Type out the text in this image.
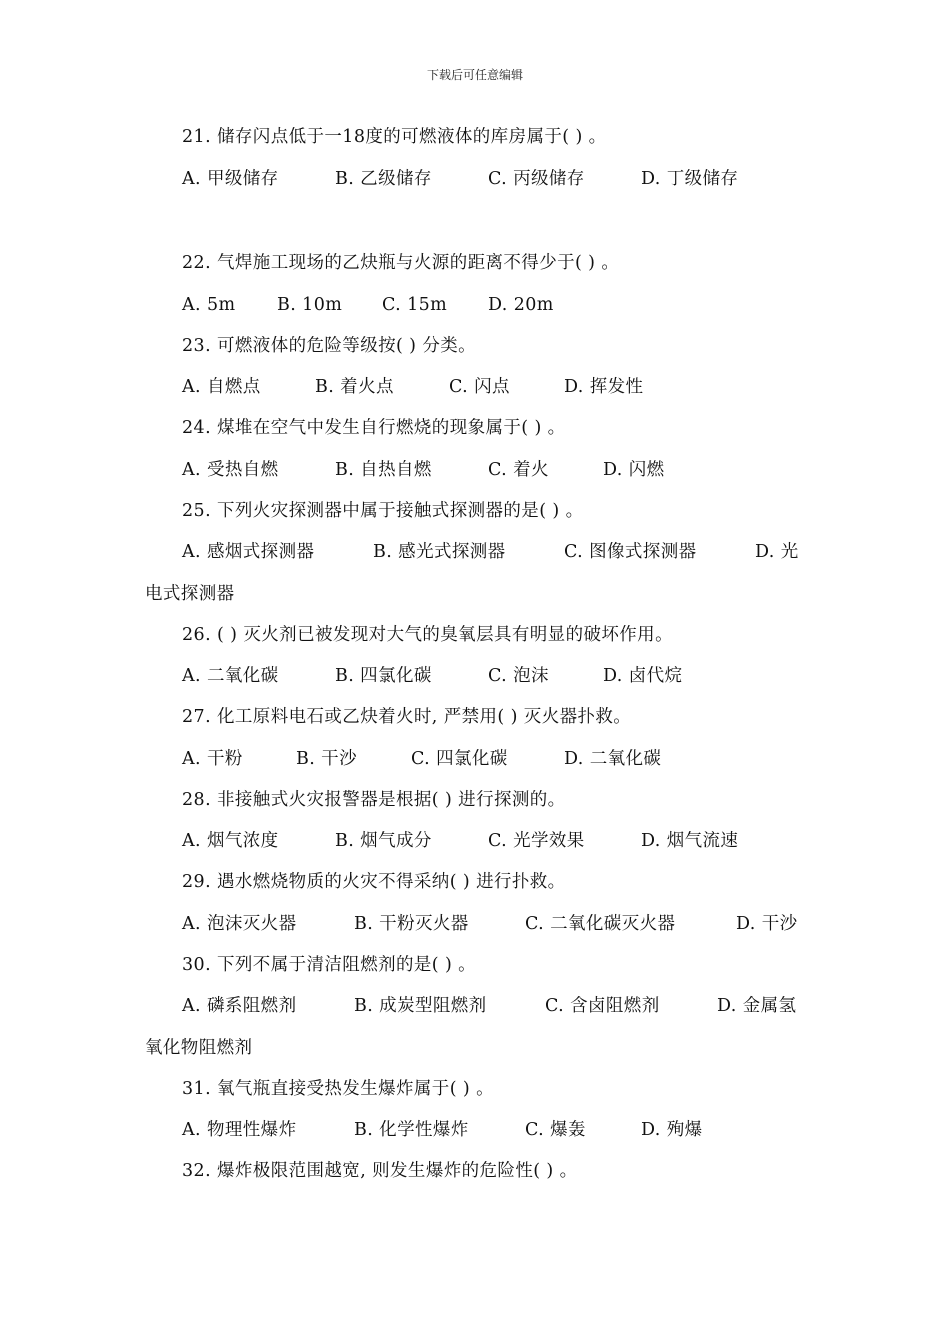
下载后可任意编辑
21. 储存闪点低于一18度的可燃液体的库房属于( ) 。
A. 甲级储存	B. 乙级储存	C. 丙级储存	D. 丁级储存
22. 气焊施工现场的乙炔瓶与火源的距离不得少于( ) 。
A. 5m B. 10m C. 15m D. 20m
23. 可燃液体的危险等级按( ) 分类。
A. 自燃点	B. 着火点	C. 闪点	D. 挥发性
24. 煤堆在空气中发生自行燃烧的现象属于( ) 。
A. 受热自燃	B. 自热自燃	C. 着火	D. 闪燃
25. 下列火灾探测器中属于接触式探测器的是( ) 。
A. 感烟式探测器	B. 感光式探测器	C. 图像式探测器	D. 光
电式探测器
26. ( ) 灭火剂已被发现对大气的臭氧层具有明显的破坏作用。
A. 二氧化碳	B. 四氯化碳	C. 泡沫	D. 卤代烷
27. 化工原料电石或乙炔着火时, 严禁用( ) 灭火器扑救。
A. 干粉	B. 干沙	C. 四氯化碳	D. 二氧化碳
28. 非接触式火灾报警器是根据( ) 进行探测的。
A. 烟气浓度	B. 烟气成分	C. 光学效果	D. 烟气流速
29. 遇水燃烧物质的火灾不得采纳( ) 进行扑救。
A. 泡沫灭火器	B. 干粉灭火器	C. 二氧化碳灭火器	D. 干沙
30. 下列不属于清洁阻燃剂的是( ) 。
A. 磷系阻燃剂	B. 成炭型阻燃剂	C. 含卤阻燃剂	D. 金属氢
氧化物阻燃剂
31. 氧气瓶直接受热发生爆炸属于( ) 。
A. 物理性爆炸	B. 化学性爆炸	C. 爆轰	D. 殉爆
32. 爆炸极限范围越宽, 则发生爆炸的危险性( ) 。
